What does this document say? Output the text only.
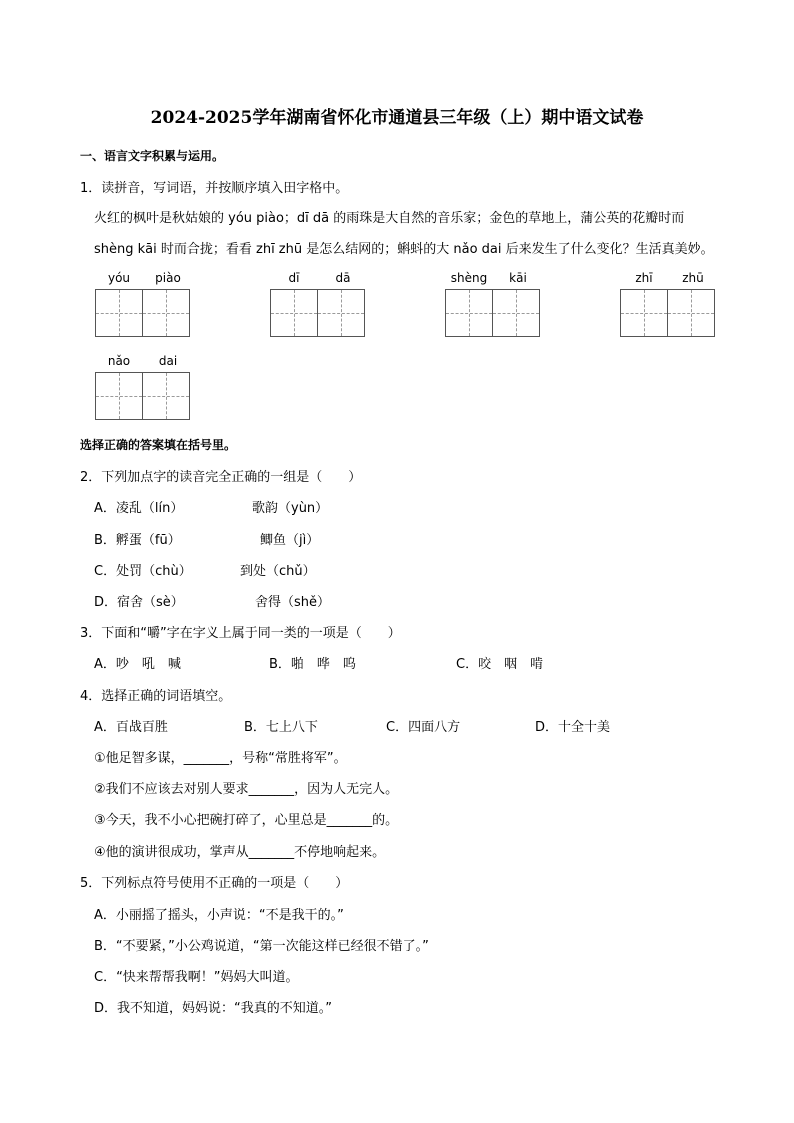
2024-2025学年湖南省怀化市通道县三年级（上）期中语文试卷
一、语言文字积累与运用。
1．读拼音，写词语，并按顺序填入田字格中。
火红的枫叶是秋姑娘的 yóu piào；dī dā 的雨珠是大自然的音乐家；金色的草地上，蒲公英的花瓣时而
shèng kāi 时而合拢；看看 zhī zhū 是怎么结网的；蝌蚪的大 nǎo dai 后来发生了什么变化？生活真美妙。
yóu	piào	dī	dā	shèng	kāi	zhī	zhū
nǎo	dai
选择正确的答案填在括号里。
2．下列加点字的读音完全正确的一组是（　　）
A．凌乱（lín）	歌韵（yùn）
B．孵蛋（fū）	鲫鱼（jì）
C．处罚（chù）	到处（chǔ）
D．宿舍（sè）	舍得（shě）
3．下面和“嚼”字在字义上属于同一类的一项是（　　）
A．吵　吼　喊	B．啪　哗　呜	C．咬　咽　啃
4．选择正确的词语填空。
A．百战百胜	B．七上八下	C．四面八方	D．十全十美
①他足智多谋，_______，号称“常胜将军”。
②我们不应该去对别人要求_______，因为人无完人。
③今天，我不小心把碗打碎了，心里总是_______的。
④他的演讲很成功，掌声从_______不停地响起来。
5．下列标点符号使用不正确的一项是（　　）
A．小丽摇了摇头，小声说：“不是我干的。”
B．“不要紧，”小公鸡说道，“第一次能这样已经很不错了。”
C．“快来帮帮我啊！”妈妈大叫道。
D．我不知道，妈妈说：“我真的不知道。”
